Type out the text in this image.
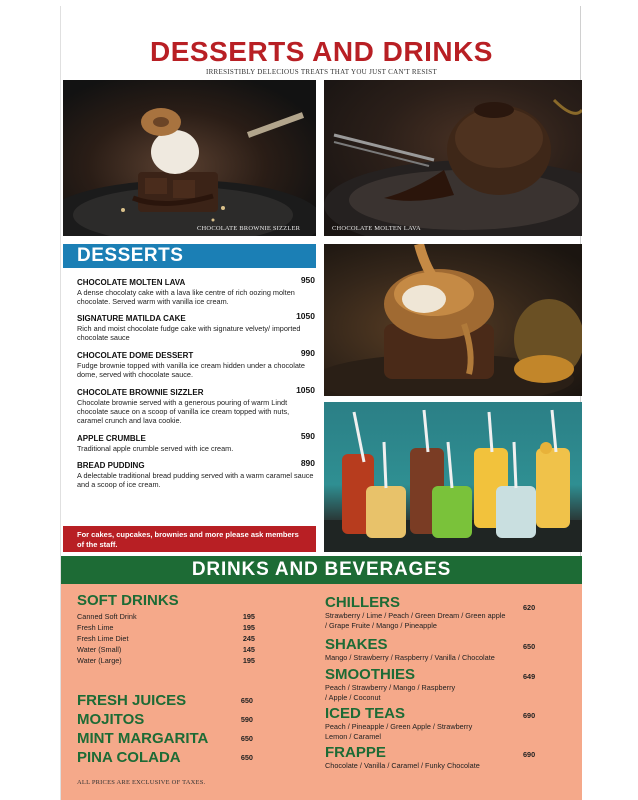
DESSERTS AND DRINKS
IRRESISTIBLY DELECIOUS TREATS THAT YOU JUST CAN'T RESIST
CHOCOLATE BROWNIE SIZZLER	CHOCOLATE MOLTEN LAVA
DESSERTS
CHOCOLATE MOLTEN LAVA	950
A dense chocolaty cake with a lava like centre of rich oozing molten chocolate. Served warm with vanilla ice cream.
SIGNATURE MATILDA CAKE	1050
Rich and moist chocolate fudge cake with signature velvety/ imported chocolate sauce
CHOCOLATE DOME DESSERT	990
Fudge brownie topped with vanilla ice cream hidden under a chocolate dome, served with chocolate sauce.
CHOCOLATE BROWNIE SIZZLER	1050
Chocolate brownie served with a generous pouring of warm Lindt chocolate sauce on a scoop of vanilla ice cream topped with nuts, caramel crunch and lava cookie.
APPLE CRUMBLE	590
Traditional apple crumble served with ice cream.
BREAD PUDDING	890
A delectable traditional bread pudding served with a warm caramel sauce and a scoop of ice cream.
For cakes, cupcakes, brownies and more please ask members of the staff.
DRINKS AND BEVERAGES
SOFT DRINKS
Canned Soft Drink	195
Fresh Lime	195
Fresh Lime Diet	245
Water (Small)	145
Water (Large)	195
FRESH JUICES	650
MOJITOS	590
MINT MARGARITA	650
PINA COLADA	650
ALL PRICES ARE EXCLUSIVE OF TAXES.
CHILLERS	620
Strawberry / Lime / Peach / Green Dream / Green apple
/ Grape Fruite / Mango / Pineapple
SHAKES	650
Mango / Strawberry / Raspberry / Vanilla / Chocolate
SMOOTHIES	649
Peach / Strawberry / Mango / Raspberry
/ Apple / Coconut
ICED TEAS	690
Peach / Pineapple / Green Apple / Strawberry
Lemon / Caramel
FRAPPE	690
Chocolate / Vanilla / Caramel / Funky Chocolate
